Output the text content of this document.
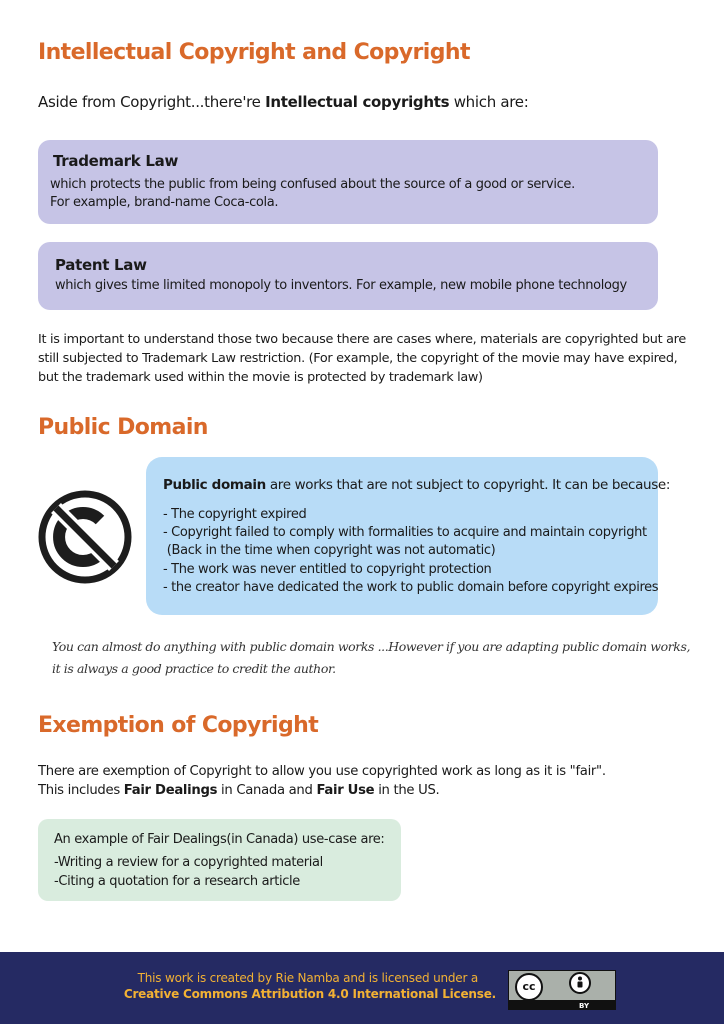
Intellectual Copyright and Copyright
Aside from Copyright...there're Intellectual copyrights which are:
Trademark Law
which protects the public from being confused about the source of a good or service.
For example, brand-name Coca-cola.
Patent Law
which gives time limited monopoly to inventors. For example, new mobile phone technology
It is important to understand those two because there are cases where, materials are copyrighted but are
still subjected to Trademark Law restriction. (For example, the copyright of the movie may have expired,
but the trademark used within the movie is protected by trademark law)
Public Domain
Public domain are works that are not subject to copyright. It can be because:
- The copyright expired
- Copyright failed to comply with formalities to acquire and maintain copyright
(Back in the time when copyright was not automatic)
- The work was never entitled to copyright protection
- the creator have dedicated the work to public domain before copyright expires
You can almost do anything with public domain works ...However if you are adapting public domain works,
it is always a good practice to credit the author.
Exemption of Copyright
There are exemption of Copyright to allow you use copyrighted work as long as it is "fair".
This includes Fair Dealings in Canada and Fair Use in the US.
An example of Fair Dealings(in Canada) use-case are:
-Writing a review for a copyrighted material
-Citing a quotation for a research article
This work is created by Rie Namba and is licensed under a
Creative Commons Attribution 4.0 International License.
cc
BY
